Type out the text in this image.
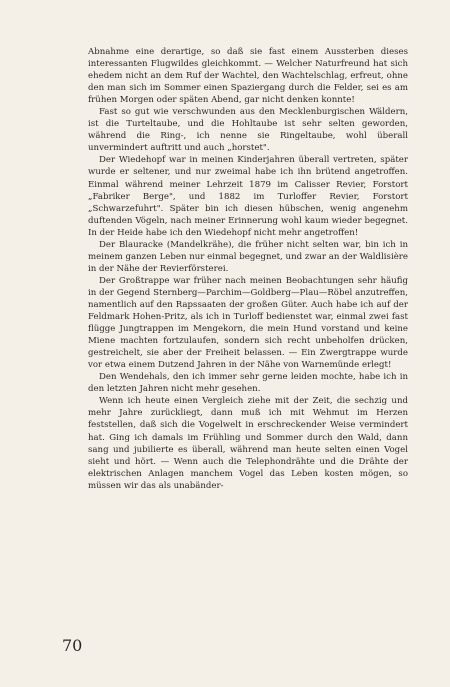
Abnahme eine derartige, so daß sie fast einem Aussterben dieses interessanten Flugwildes gleichkommt. — Welcher Naturfreund hat sich ehedem nicht an dem Ruf der Wachtel, den Wachtelschlag, erfreut, ohne den man sich im Sommer einen Spaziergang durch die Felder, sei es am frühen Morgen oder späten Abend, gar nicht denken konnte!

Fast so gut wie verschwunden aus den Mecklenburgischen Wäldern, ist die Turteltaube, und die Hohltaube ist sehr selten geworden, während die Ring-, ich nenne sie Ringeltaube, wohl überall unvermindert auftritt und auch „horstet".

Der Wiedehopf war in meinen Kinderjahren überall vertreten, später wurde er seltener, und nur zweimal habe ich ihn brütend angetroffen. Einmal während meiner Lehrzeit 1879 im Calisser Revier, Forstort „Fabriker Berge", und 1882 im Turloffer Revier, Forstort „Schwarzefuhrt". Später bin ich diesen hübschen, wenig angenehm duftenden Vögeln, nach meiner Erinnerung wohl kaum wieder begegnet. In der Heide habe ich den Wiedehopf nicht mehr angetroffen!

Der Blauracke (Mandelkrähe), die früher nicht selten war, bin ich in meinem ganzen Leben nur einmal begegnet, und zwar an der Waldlisière in der Nähe der Revierförsterei.

Der Großtrappe war früher nach meinen Beobachtungen sehr häufig in der Gegend Sternberg—Parchim—Goldberg—Plau—Röbel anzutreffen, namentlich auf den Rapssaaten der großen Güter. Auch habe ich auf der Feldmark Hohen-Pritz, als ich in Turloff bedienstet war, einmal zwei fast flügge Jungtrappen im Mengekorn, die mein Hund vorstand und keine Miene machten fortzulaufen, sondern sich recht unbeholfen drücken, gestreichelt, sie aber der Freiheit belassen. — Ein Zwergtrappe wurde vor etwa einem Dutzend Jahren in der Nähe von Warnemünde erlegt!

Den Wendehals, den ich immer sehr gerne leiden mochte, habe ich in den letzten Jahren nicht mehr gesehen.

Wenn ich heute einen Vergleich ziehe mit der Zeit, die sechzig und mehr Jahre zurückliegt, dann muß ich mit Wehmut im Herzen feststellen, daß sich die Vogelwelt in erschreckender Weise vermindert hat. Ging ich damals im Frühling und Sommer durch den Wald, dann sang und jubilierte es überall, während man heute selten einen Vogel sieht und hört. — Wenn auch die Telephondrähte und die Drähte der elektrischen Anlagen manchem Vogel das Leben kosten mögen, so müssen wir das als unabänder-

70
